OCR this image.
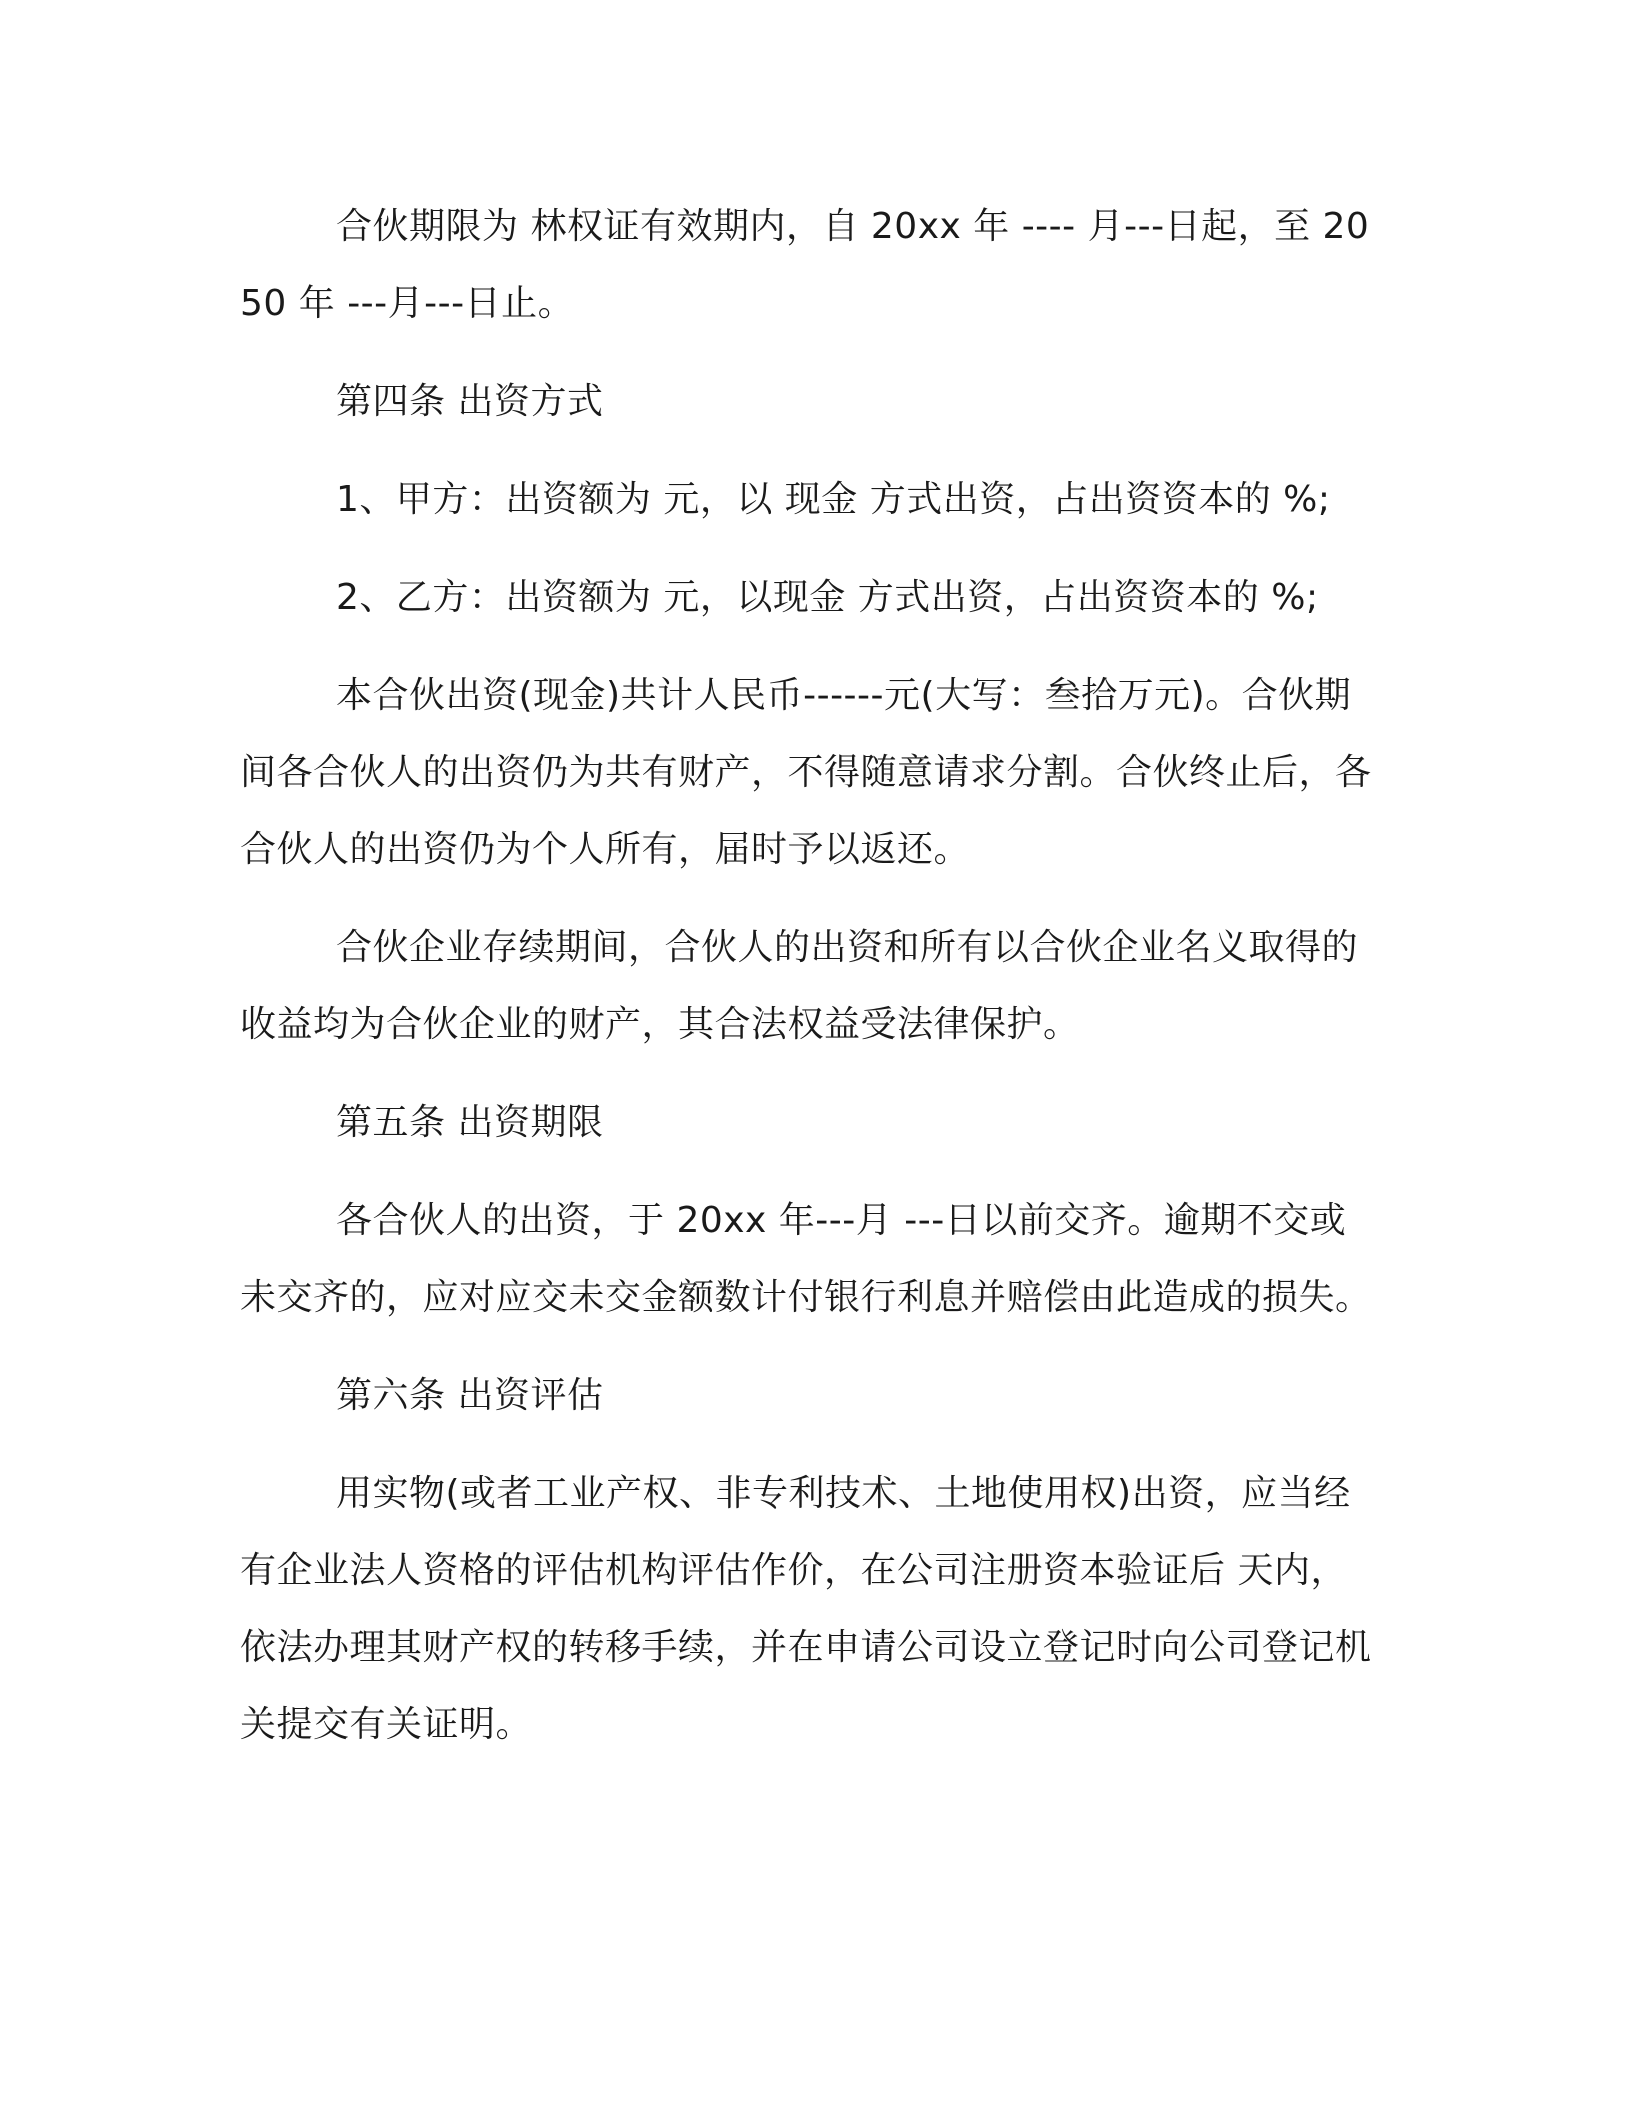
合伙期限为 林权证有效期内，自 20xx 年 ---- 月---日起，至 2050 年 ---月---日止。

第四条 出资方式

1、甲方：出资额为 元，以 现金 方式出资，占出资资本的 %;

2、乙方：出资额为 元，以现金 方式出资，占出资资本的 %;

本合伙出资(现金)共计人民币------元(大写：叁拾万元)。合伙期间各合伙人的出资仍为共有财产，不得随意请求分割。合伙终止后，各合伙人的出资仍为个人所有，届时予以返还。

合伙企业存续期间，合伙人的出资和所有以合伙企业名义取得的收益均为合伙企业的财产，其合法权益受法律保护。

第五条 出资期限

各合伙人的出资，于 20xx 年---月 ---日以前交齐。逾期不交或未交齐的，应对应交未交金额数计付银行利息并赔偿由此造成的损失。

第六条 出资评估

用实物(或者工业产权、非专利技术、土地使用权)出资，应当经有企业法人资格的评估机构评估作价，在公司注册资本验证后 天内，依法办理其财产权的转移手续，并在申请公司设立登记时向公司登记机关提交有关证明。
